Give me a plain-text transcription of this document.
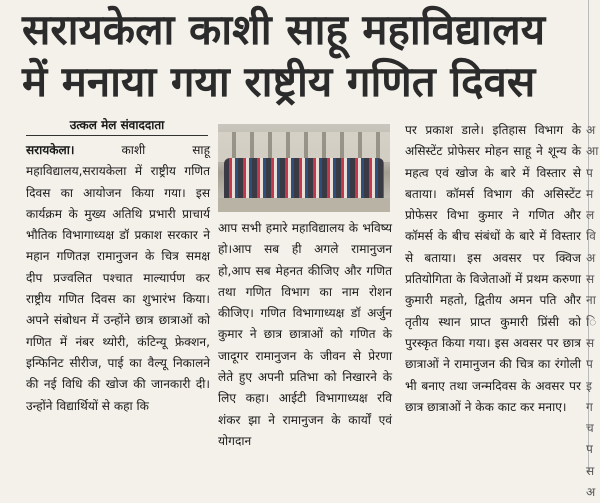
सरायकेला काशी साहू महाविद्यालय
में मनाया गया राष्ट्रीय गणित दिवस
उत्कल मेल संवाददाता

सरायकेला। काशी साहू महाविद्यालय,सरायकेला में राष्ट्रीय गणित दिवस का आयोजन किया गया। इस कार्यक्रम के मुख्य अतिथि प्रभारी प्राचार्य भौतिक विभागाध्यक्ष डॉ प्रकाश सरकार ने महान गणितज्ञ रामानुजन के चित्र समक्ष दीप प्रज्वलित पश्चात माल्यार्पण कर राष्ट्रीय गणित दिवस का शुभारंभ किया।अपने संबोधन में उन्होंने छात्र छात्राओं को गणित में नंबर थ्योरी, कंटिन्यू फ्रेक्शन, इन्फिनिट सीरीज, पाई का वैल्यू निकालने की नई विधि की खोज की जानकारी दी। उन्होंने विद्यार्थियों से कहा कि

आप सभी हमारे महाविद्यालय के भविष्य हो।आप सब ही अगले रामानुजन हो,आप सब मेहनत कीजिए और गणित तथा गणित विभाग का नाम रोशन कीजिए। गणित विभागाध्यक्ष डॉ अर्जुन कुमार ने छात्र छात्राओं को गणित के जादूगर रामानुजन के जीवन से प्रेरणा लेते हुए अपनी प्रतिभा को निखारने के लिए कहा। आईटी विभागाध्यक्ष रवि शंकर झा ने रामानुजन के कार्यों एवं योगदान

पर प्रकाश डाले। इतिहास विभाग के असिस्टेंट प्रोफेसर मोहन साहू ने शून्य के महत्व एवं खोज के बारे में विस्तार से बताया। कॉमर्स विभाग की असिस्टेंट प्रोफेसर विभा कुमार ने गणित और कॉमर्स के बीच संबंधों के बारे में विस्तार से बताया। इस अवसर पर क्विज प्रतियोगिता के विजेताओं में प्रथम करुणा कुमारी महतो, द्वितीय अमन पति और तृतीय स्थान प्राप्त कुमारी प्रिंसी को पुरस्कृत किया गया। इस अवसर पर छात्र छात्राओं ने रामानुजन की चित्र का रंगोली भी बनाए तथा जन्मदिवस के अवसर पर छात्र छात्राओं ने केक काट कर मनाए।

अ आ प म ल वि अ स ना ि स प इ ग च प स अ
